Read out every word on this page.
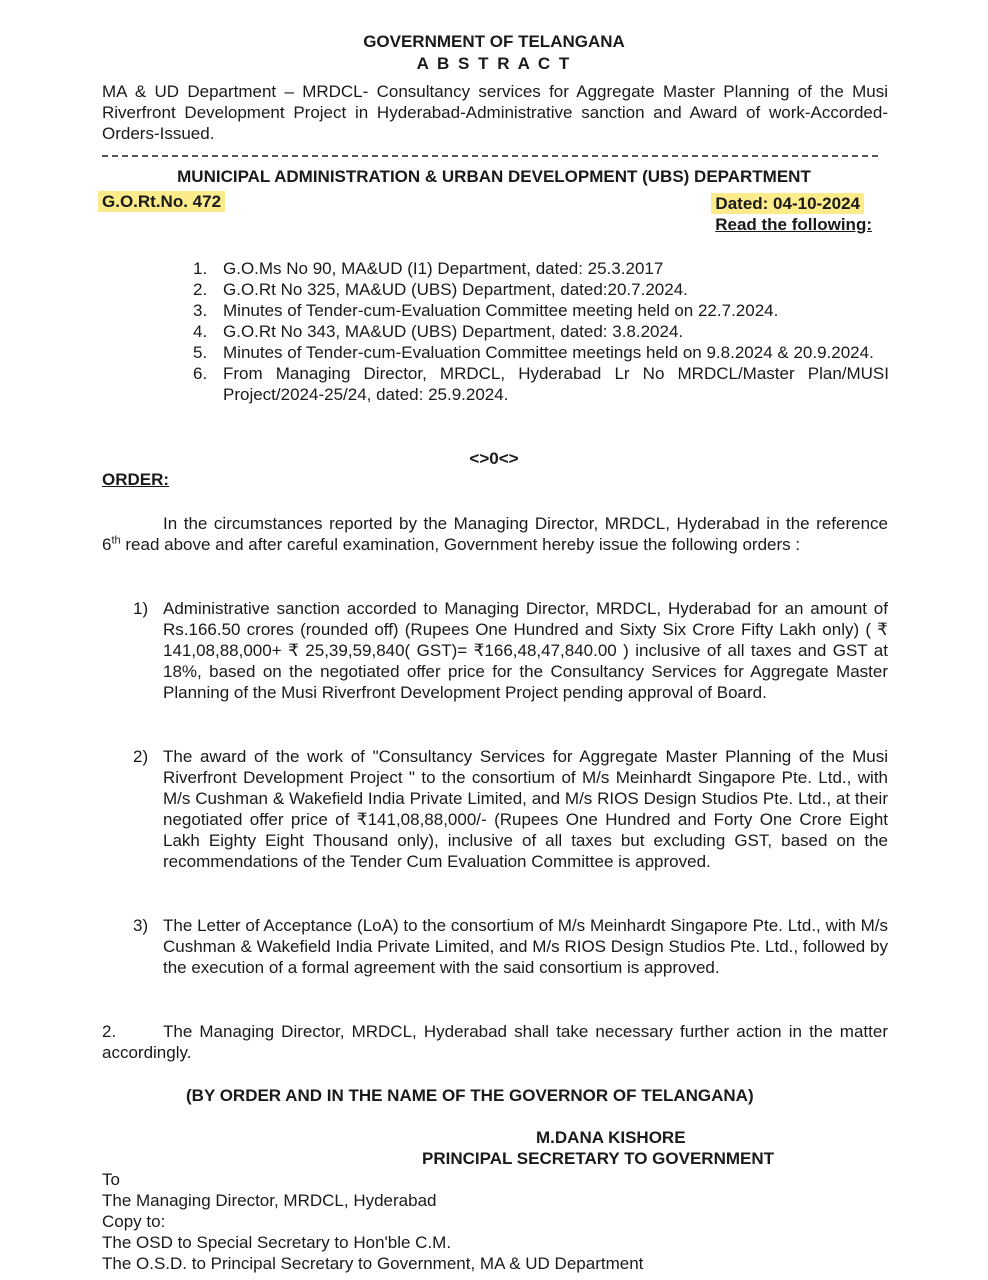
GOVERNMENT OF TELANGANA
A B S T R A C T
MA & UD Department – MRDCL- Consultancy services for Aggregate Master Planning of the Musi Riverfront Development Project in Hyderabad-Administrative sanction and Award of work-Accorded-Orders-Issued.
MUNICIPAL ADMINISTRATION & URBAN DEVELOPMENT (UBS) DEPARTMENT
G.O.Rt.No. 472	Dated: 04-10-2024
Read the following:
1. G.O.Ms No 90, MA&UD (I1) Department, dated: 25.3.2017
2. G.O.Rt No 325, MA&UD (UBS) Department, dated:20.7.2024.
3. Minutes of Tender-cum-Evaluation Committee meeting held on 22.7.2024.
4. G.O.Rt No 343, MA&UD (UBS) Department, dated: 3.8.2024.
5. Minutes of Tender-cum-Evaluation Committee meetings held on 9.8.2024 & 20.9.2024.
6. From Managing Director, MRDCL, Hyderabad Lr No MRDCL/Master Plan/MUSI Project/2024-25/24, dated: 25.9.2024.
<>0<>
ORDER:
In the circumstances reported by the Managing Director, MRDCL, Hyderabad in the reference 6th read above and after careful examination, Government hereby issue the following orders :
1) Administrative sanction accorded to Managing Director, MRDCL, Hyderabad for an amount of Rs.166.50 crores (rounded off) (Rupees One Hundred and Sixty Six Crore Fifty Lakh only) ( ₹ 141,08,88,000+ ₹ 25,39,59,840( GST)= ₹166,48,47,840.00 ) inclusive of all taxes and GST at 18%, based on the negotiated offer price for the Consultancy Services for Aggregate Master Planning of the Musi Riverfront Development Project pending approval of Board.
2) The award of the work of "Consultancy Services for Aggregate Master Planning of the Musi Riverfront Development Project " to the consortium of M/s Meinhardt Singapore Pte. Ltd., with M/s Cushman & Wakefield India Private Limited, and M/s RIOS Design Studios Pte. Ltd., at their negotiated offer price of ₹141,08,88,000/- (Rupees One Hundred and Forty One Crore Eight Lakh Eighty Eight Thousand only), inclusive of all taxes but excluding GST, based on the recommendations of the Tender Cum Evaluation Committee is approved.
3) The Letter of Acceptance (LoA) to the consortium of M/s Meinhardt Singapore Pte. Ltd., with M/s Cushman & Wakefield India Private Limited, and M/s RIOS Design Studios Pte. Ltd., followed by the execution of a formal agreement with the said consortium is approved.
2.	The Managing Director, MRDCL, Hyderabad shall take necessary further action in the matter accordingly.
(BY ORDER AND IN THE NAME OF THE GOVERNOR OF TELANGANA)
M.DANA KISHORE
PRINCIPAL SECRETARY TO GOVERNMENT
To
The Managing Director, MRDCL, Hyderabad
Copy to:
The OSD to Special Secretary to Hon'ble C.M.
The O.S.D. to Principal Secretary to Government, MA & UD Department
